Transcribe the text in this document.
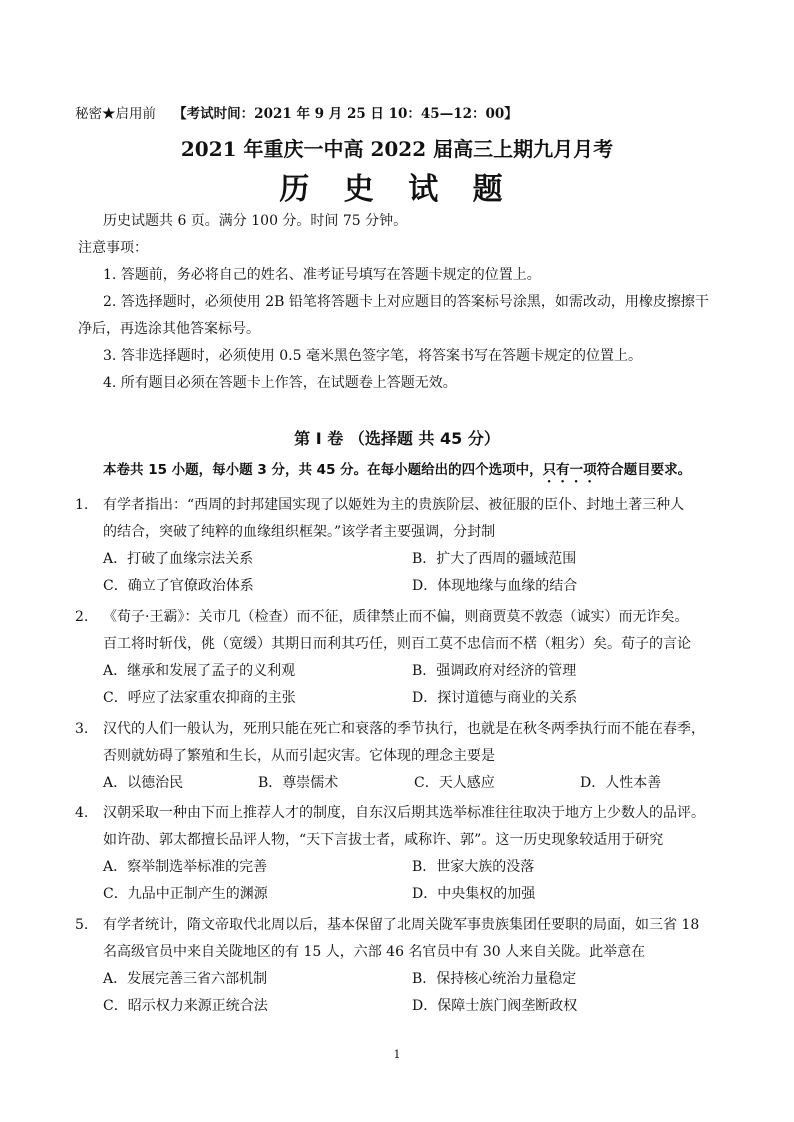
秘密★启用前 【考试时间：2021 年 9 月 25 日 10：45—12：00】
2021 年重庆一中高 2022 届高三上期九月月考
历 史 试 题
历史试题共 6 页。满分 100 分。时间 75 分钟。
注意事项：
1. 答题前，务必将自己的姓名、准考证号填写在答题卡规定的位置上。
2. 答选择题时，必须使用 2B 铅笔将答题卡上对应题目的答案标号涂黑，如需改动，用橡皮擦擦干
净后，再选涂其他答案标号。
3. 答非选择题时，必须使用 0.5 毫米黑色签字笔，将答案书写在答题卡规定的位置上。
4. 所有题目必须在答题卡上作答，在试题卷上答题无效。
第 I 卷 （选择题 共 45 分）
本卷共 15 小题，每小题 3 分，共 45 分。在每小题给出的四个选项中，只有一项符合题目要求。
1. 有学者指出：“西周的封邦建国实现了以姬姓为主的贵族阶层、被征服的臣仆、封地土著三种人
的结合，突破了纯粹的血缘组织框架。”该学者主要强调，分封制
A．打破了血缘宗法关系	B．扩大了西周的疆域范围
C．确立了官僚政治体系	D．体现地缘与血缘的结合
2. 《荀子·王霸》：关市几（检查）而不征，质律禁止而不偏，则商贾莫不敦悫（诚实）而无诈矣。
百工将时斩伐，佻（宽缓）其期日而利其巧任，则百工莫不忠信而不楛（粗劣）矣。荀子的言论
A．继承和发展了孟子的义利观	B．强调政府对经济的管理
C．呼应了法家重农抑商的主张	D．探讨道德与商业的关系
3. 汉代的人们一般认为，死刑只能在死亡和衰落的季节执行，也就是在秋冬两季执行而不能在春季，
否则就妨碍了繁殖和生长，从而引起灾害。它体现的理念主要是
A．以德治民	B．尊崇儒术	C．天人感应	D．人性本善
4. 汉朝采取一种由下而上推荐人才的制度，自东汉后期其选举标准往往取决于地方上少数人的品评。
如许劭、郭太都擅长品评人物，“天下言拔士者，咸称许、郭”。这一历史现象较适用于研究
A．察举制选举标准的完善	B．世家大族的没落
C．九品中正制产生的渊源	D．中央集权的加强
5. 有学者统计，隋文帝取代北周以后，基本保留了北周关陇军事贵族集团任要职的局面，如三省 18
名高级官员中来自关陇地区的有 15 人，六部 46 名官员中有 30 人来自关陇。此举意在
A．发展完善三省六部机制	B．保持核心统治力量稳定
C．昭示权力来源正统合法	D．保障士族门阀垄断政权
1
